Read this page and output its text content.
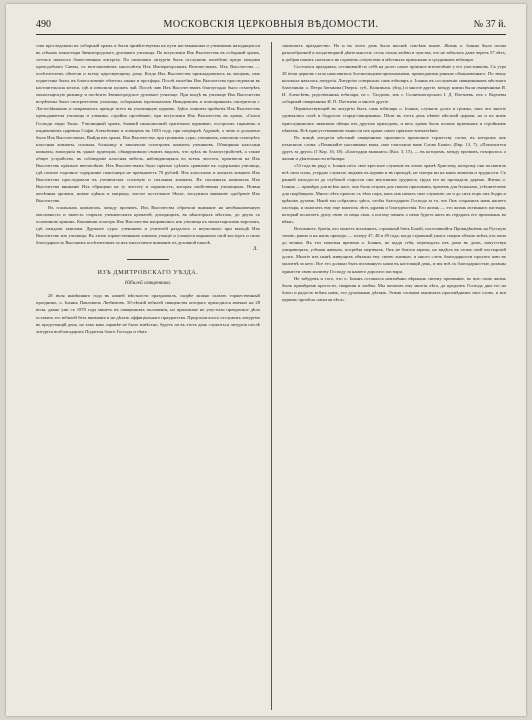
490	МОСКОВСКІЯ ЦЕРКОВНЫЯ ВѢДОМОСТИ.	№ 37 й.

ства проследовали въ соборный храмъ и были привѣтствуемы на пути наставниками и учениками находящагося въ стѣнахъ монастыря Звенигородскаго духовнаго училища. По вступленіи Ихъ Высочествъ въ соборный храмъ, тотчасъ началось божественная литургія. По окончаніи литургіи былъ отслуженъ молебенъ предъ мощами преподобнаго Саввы, съ возглашеніемъ многолѣтія Ихъ Императорскимъ Величествамъ. Ихъ Высочества — посѣтителемъ обители и всему царствующему дому. Когда Ихъ Высочества прикладывались къ мощамъ, имъ поднесены были, въ благословеніе обители, икона и просфора. Послѣ молебна Ихъ Высочества проследовали въ настоятельскія келліи, гдѣ и изволили кушать чай. Послѣ чаю Ихъ Высочествамъ благоугодно было осмотрѣть монастырскую ризницу и посѣтить Звенигородское духовное училище. При входѣ въ училище Ихъ Высочества встрѣчены были смотрителемъ училища, соборнымъ іеромонахомъ Никодимомъ и помощникомъ смотрителя г. Ластоchkинымъ и направились прежде всего въ училищную церковь. Здѣсь опишем прибытія Ихъ Высочествъ преподавателя училища и ученики, стройно пропѣвшіе, при вступленіи Ихъ Высочествъ въ храмъ, «Спаси Господи люди Твоя». Училищный храмъ, бывшій иконописный трапезною церковью, построенъ тщаніемъ и иждивеніемъ царевны Софіи Алексѣевны и освященъ въ 1693 году, при патріархѣ Адріанѣ, о чемъ и доложено было Ихъ Высочествамъ. Выйдя изъ храма, Ихъ Высочества, при громкомъ «ура» учениковъ, изволили осмотрѣть классныя комнаты, спальни, больницу и закончили осмотромъ комнаты учениковъ. Обширныя классныя комнаты, вошедшія въ зданіе аудиторіи, обнаруживали своимъ видомъ, что здѣсь въ благоустройствѣ, а также общее устройство, въ соблюденіе классная мебель, наблюдающаяся во всемъ чистота, произвели на Ихъ Высочествъ пріятное впечатлѣніе. Ихъ Высочествамъ было пріятно сдѣлать сравненіе въ содержаніи училища, гдѣ полное годичное содержаніе пансіонера не превышаетъ 70 рублей. Изъ классныхъ и жилыхъ комнатъ Ихъ Высочества проследовали въ ученическія столовую и спальныя комнаты. Въ спальныхъ комнатахъ Ихъ Высочества вниманіе Ихъ обращено на ту чистоту и опрятность, которая свойственна училищамъ. Новыя желѣзныя кровати, новые одѣяла и матрацы, чистое постельное бѣлье, заслужили вниманіе одобреніе Ихъ Высочествъ.

Въ спальныхъ комнатахъ, между прочимъ, Ихъ Высочества обратили вниманіе на необыкновенную массивность и тяжесть старыхъ ученическихъ кроватей, доходящихъ, въ нѣкоторыхъ мѣстахъ, до двухъ съ половиною аршинъ. Кончивши осмотръ Ихъ Высочества направились изъ училища къ монастырскимъ воротамъ, гдѣ ожидали экипажи. Дружное «ура» учениковъ и учителей раздалось и неумолкало при выходѣ Ихъ Высочествъ изъ училища. Въ этихъ торжественныхъ кликахъ учащіе и учащіеся выражали свой восторгъ и свою благодарность Высокимъ посѣтителямъ за ихъ милостивое вниманіе къ духовной школѣ.

Л.
ИЗЪ ДМИТРОВСКАГО УѢЗДА.
Юбилей священника.

28 іюля нынѣшняго года въ нашей мѣстности праздновалъ, скорѣе можно сказать торжественный праздникъ, о. Іоаннъ Павловичъ Любимовъ. 50-лѣтній юбилей священства котораго приходился именно на 28 іюля, давно уже съ 1870 года минетъ въ священномъ положеніи, но прихожане не упустили прекрасное дѣло оставить его юбилей безъ вниманія и не дѣлать оффиціальнаго празднества. Предполагалось отслужить литургію въ предстоящій день, но такъ какъ заранѣе не было извѣстно, будетъ ли въ этотъ день служиться литургія послѣ литургіи возблагодарить Подателя благъ Господа и тѣмъ

заключитъ празднество. Но и въ этотъ день было вполнѣ совсѣмъ иначе. Жизнь о. Іоанна была полна разнообразной и плодотворной дѣятельности; столь полна любви и чувства, что не забылась даже черезъ 57 лѣтъ, и добрая память сказалась въ горячемъ сочувствіи и мѣстныхъ прихожанъ и сродниковъ юбиляра.

Состоялся праздникъ, оставившій по себѣ на долго самое пріятное впечатлѣніе у его участниковъ. Съ утра 28 іюля церковь стала наполняться богомольцами-прихожанами, пришедшими раньше обыкновеннаго. По звону колокола началась литургія. Литургію совершалъ самъ юбиляръ о. Іоаннъ въ сослуженіи священниковъ мѣстнаго благочинія: о. Петра Затыкова (Тверск. губ., Калязинск. уѣзд.) и многіе другіе, между коими были священники И. И. Алексѣевъ, родственникъ юбиляра, из с. Талдомъ, изъ с. Солнечногорскаго І. Д. Плетневъ, изъ г. Корчевы соборный священникъ И. П. Плетневъ и многіе другіе.

Першенствующей въ литургіи былъ самъ юбиляръ о. Іоаннъ; служилъ долго и громко, такъ что многіе удивлялись силѣ и бодрости старца-священника. Пѣли въ этотъ день пѣвчіе мѣстной церкви, но и къ нимъ присоединились знакомые пѣвцы изъ другихъ приходовъ, и весь храмъ былъ полонъ пріятнымъ и стройнымъ пѣніемъ. Всѣ присутствовавшіе вынесли изъ храма самое пріятное впечатлѣніе.

Въ концѣ литургіи мѣстный священникъ произнесъ приличное торжеству слово, въ которомъ онъ изъяснилъ слова: «Поминайте наставники ваша, иже глаголаша вамъ Слово Божіе» (Евр. 13, 7). «Помолитеся другъ за друга» (1 Кор. 16, 18). «Благодари вышняго» (Кол. 3, 15), — въ которомъ, между прочимъ, говорилось о жизни и дѣятельности юбиляра:

«33 года въ ряду о. Іоаннъ несъ свое крестное служеніе въ этомъ храмѣ Христову, которому онъ посвятилъ всѣ свои силы, усердно служилъ людямъ въ церкви и въ приходѣ, не смотря ни на какія лишенія и трудности. Съ ранней молодости до глубокой старости онъ неутомимо трудился, трудъ его не пропадалъ даромъ. Жизнь о. Іоанна — примѣръ для всѣхъ насъ: онъ былъ отцомъ для своихъ прихожанъ, врачемъ для больныхъ, утѣшителемъ для скорбящихъ. Много лѣтъ прошло съ тѣхъ поръ, какъ онъ началъ свое служеніе, но и до сихъ поръ онъ бодръ и крѣпокъ духомъ. Нынѣ мы собрались здѣсь, чтобы благодарить Господа за то, что Онъ сохранилъ намъ нашего пастыря, и пожелать ему еще многихъ лѣтъ здравія и благоденствія. Его жизнь — это жизнь истиннаго пастыря, который полагаетъ душу свою за овцы своя, а потому память о немъ будетъ жить въ сердцахъ его прихожанъ во вѣки».

Вспомните, братія, кто можетъ вспомнить, страшный бичъ Божій, поселившійся Провидѣніемъ на Русскую землю, равно и на нашъ приходъ — холеру 47, 48 и 49 года, когда страшный ужасъ смерти объялъ всѣхъ отъ мала до велика. Въ эти тяжелыя времена о. Іоаннъ, не щадя себя, переходилъ изъ дома въ домъ, напутствуя умирающихъ, утѣшая живыхъ, погребая мертвыхъ. Онъ не боялся заразы, но видѣлъ въ этомъ свой пастырскій долгъ. Многіе изъ нынѣ живущихъ обязаны ему своею жизнью, и много слезъ благодарности пролито ими въ молитвѣ за него. Все это должно быть вспомянуто нами въ настоящій день, и мы всѣ съ благодарностью должны принести свою молитву Господу за нашего дорогаго пастыря.

Не забудемъ и того, что о. Іоаннъ оставался неизмѣнно вѣрнымъ своему призванію, во всю свою жизнь былъ примѣромъ кротости, смиренія и любви. Мы желаемъ ему многія лѣта, да продлитъ Господь дни его на благо и радость всѣмъ намъ, его духовнымъ дѣтямъ. Этими словами закончилъ проповѣдникъ свое слово, и вся церковь пропѣла «многая лѣта».
